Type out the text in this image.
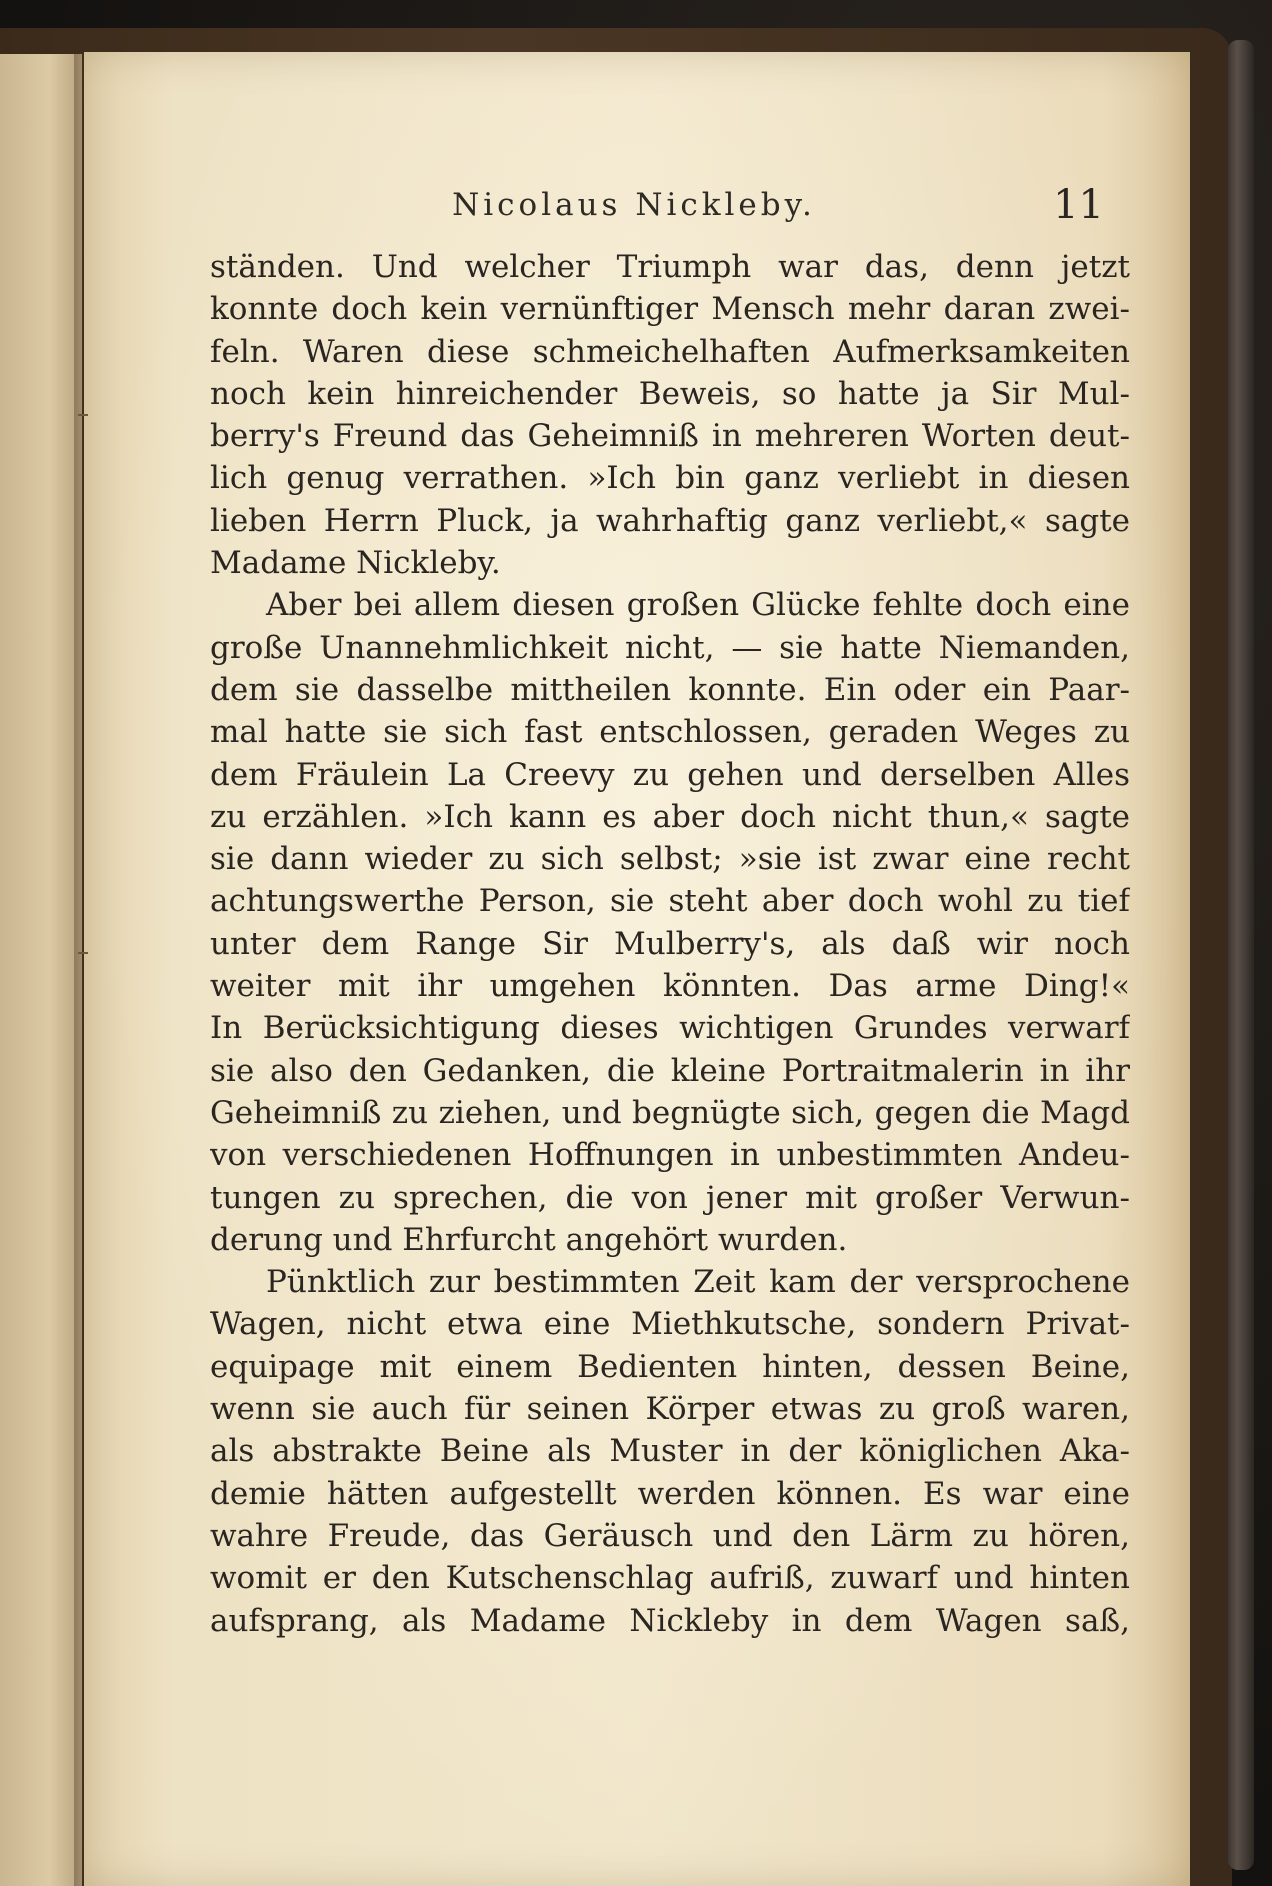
Nicolaus Nickleby.	11
ständen. Und welcher Triumph war das, denn jetzt
konnte doch kein vernünftiger Mensch mehr daran zwei-
feln. Waren diese schmeichelhaften Aufmerksamkeiten
noch kein hinreichender Beweis, so hatte ja Sir Mul-
berry's Freund das Geheimniß in mehreren Worten deut-
lich genug verrathen. »Ich bin ganz verliebt in diesen
lieben Herrn Pluck, ja wahrhaftig ganz verliebt,« sagte
Madame Nickleby.
Aber bei allem diesen großen Glücke fehlte doch eine
große Unannehmlichkeit nicht, — sie hatte Niemanden,
dem sie dasselbe mittheilen konnte. Ein oder ein Paar-
mal hatte sie sich fast entschlossen, geraden Weges zu
dem Fräulein La Creevy zu gehen und derselben Alles
zu erzählen. »Ich kann es aber doch nicht thun,« sagte
sie dann wieder zu sich selbst; »sie ist zwar eine recht
achtungswerthe Person, sie steht aber doch wohl zu tief
unter dem Range Sir Mulberry's, als daß wir noch
weiter mit ihr umgehen könnten. Das arme Ding!«
In Berücksichtigung dieses wichtigen Grundes verwarf
sie also den Gedanken, die kleine Portraitmalerin in ihr
Geheimniß zu ziehen, und begnügte sich, gegen die Magd
von verschiedenen Hoffnungen in unbestimmten Andeu-
tungen zu sprechen, die von jener mit großer Verwun-
derung und Ehrfurcht angehört wurden.
Pünktlich zur bestimmten Zeit kam der versprochene
Wagen, nicht etwa eine Miethkutsche, sondern Privat-
equipage mit einem Bedienten hinten, dessen Beine,
wenn sie auch für seinen Körper etwas zu groß waren,
als abstrakte Beine als Muster in der königlichen Aka-
demie hätten aufgestellt werden können. Es war eine
wahre Freude, das Geräusch und den Lärm zu hören,
womit er den Kutschenschlag aufriß, zuwarf und hinten
aufsprang, als Madame Nickleby in dem Wagen saß,
